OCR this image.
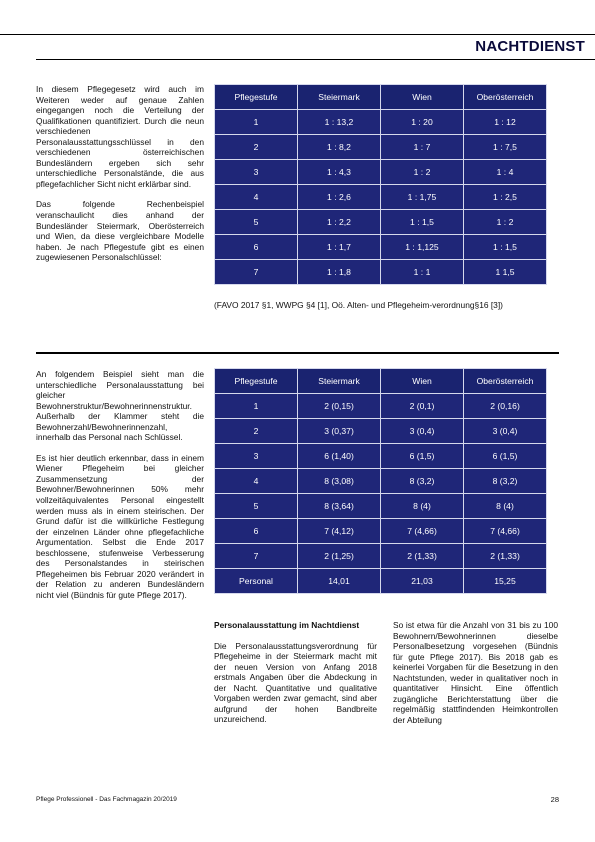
NACHTDIENST

In diesem Pflegegesetz wird auch im Weiteren weder auf genaue Zahlen eingegangen noch die Verteilung der Qualifikationen quantifiziert. Durch die neun verschiedenen Personalausstattungsschlüssel in den verschiedenen österreichischen Bundesländern ergeben sich sehr unterschiedliche Personalstände, die aus pflegefachlicher Sicht nicht erklärbar sind.

Das folgende Rechenbeispiel veranschaulicht dies anhand der Bundesländer Steiermark, Oberösterreich und Wien, da diese vergleichbare Modelle haben. Je nach Pflegestufe gibt es einen zugewiesenen Personalschlüssel:

Pflegestufe	Steiermark	Wien	Oberösterreich
1	1 : 13,2	1 : 20	1 : 12
2	1 : 8,2	1 : 7	1 : 7,5
3	1 : 4,3	1 : 2	1 : 4
4	1 : 2,6	1 : 1,75	1 : 2,5
5	1 : 2,2	1 : 1,5	1 : 2
6	1 : 1,7	1 : 1,125	1 : 1,5
7	1 : 1,8	1 : 1	1 1,5
(FAVO 2017 §1, WWPG §4 [1], Oö. Alten- und Pflegeheim-verordnung§16 [3])

An folgendem Beispiel sieht man die unterschiedliche Personalausstattung bei gleicher Bewohnerstruktur/Bewohnerinnenstruktur. Außerhalb der Klammer steht die Bewohnerzahl/Bewohnerinnenzahl, innerhalb das Personal nach Schlüssel.

Es ist hier deutlich erkennbar, dass in einem Wiener Pflegeheim bei gleicher Zusammensetzung der Bewohner/Bewohnerinnen 50% mehr vollzeitäquivalentes Personal eingestellt werden muss als in einem steirischen. Der Grund dafür ist die willkürliche Festlegung der einzelnen Länder ohne pflegefachliche Argumentation. Selbst die Ende 2017 beschlossene, stufenweise Verbesserung des Personalstandes in steirischen Pflegeheimen bis Februar 2020 verändert in der Relation zu anderen Bundesländern nicht viel (Bündnis für gute Pflege 2017).

Pflegestufe	Steiermark	Wien	Oberösterreich
1	2 (0,15)	2 (0,1)	2 (0,16)
2	3 (0,37)	3 (0,4)	3 (0,4)
3	6 (1,40)	6 (1,5)	6 (1,5)
4	8 (3,08)	8 (3,2)	8 (3,2)
5	8 (3,64)	8 (4)	8 (4)
6	7 (4,12)	7 (4,66)	7 (4,66)
7	2 (1,25)	2 (1,33)	2 (1,33)
Personal	14,01	21,03	15,25

Personalausstattung im Nachtdienst

Die Personalausstattungsverordnung für Pflegeheime in der Steiermark macht mit der neuen Version von Anfang 2018 erstmals Angaben über die Abdeckung in der Nacht. Quantitative und qualitative Vorgaben werden zwar gemacht, sind aber aufgrund der hohen Bandbreite unzureichend.

So ist etwa für die Anzahl von 31 bis zu 100 Bewohnern/Bewohnerinnen dieselbe Personalbesetzung vorgesehen (Bündnis für gute Pflege 2017). Bis 2018 gab es keinerlei Vorgaben für die Besetzung in den Nachtstunden, weder in qualitativer noch in quantitativer Hinsicht. Eine öffentlich zugängliche Berichterstattung über die regelmäßig stattfindenden Heimkontrollen der Abteilung

Pflege Professionell - Das Fachmagazin 20/2019	28
